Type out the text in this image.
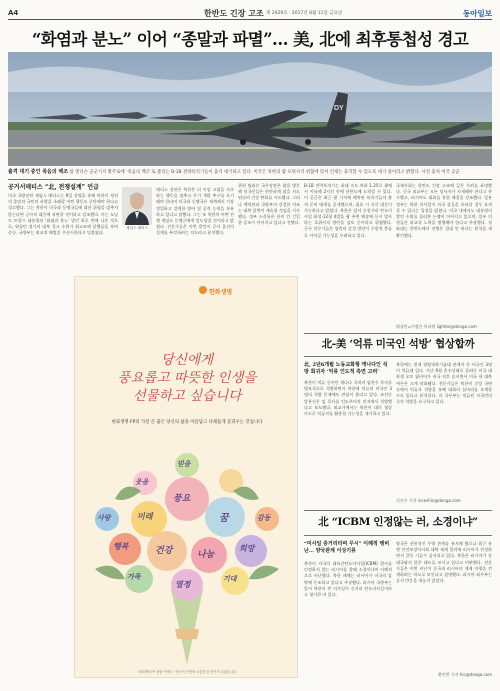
A4	한반도 긴장 고조 제 2929호 · 2017년 8월 11일 금요일	동아일보
“화염과 분노” 이어 “종말과 파멸”… 美, 北에 최후통첩성 경고
DY
출격 대기 중인 죽음의 백조 괌 앤더슨 공군기지 활주로에 ‘죽음의 백조’로 불리는 B-1B 전략폭격기들이 출격 대기하고 있다. 미국은 북한의 괌 포위사격 위협에 맞서 언제든 출격할 수 있도록 대기 중이라고 밝혔다. 사진 출처 미국 공군
공거서매티스 “北, 전쟁설계” 언급
미국 국방장관 제임스 매티스는 9일 성명을 통해 북한이 정권의 종말과 국민의 파멸을 초래할 어떤 행동도 중단해야 한다고 경고했다. 그는 북한이 미국과 동맹국들에 대한 위협을 멈추지 않는다면 군사적 대응에 직면할 것이라고 강조했다. 이는 도널드 트럼프 대통령의 ‘화염과 분노’ 발언 하루 만에 나온 것으로, 워싱턴 정가의 대북 경고 수위가 최고조에 달했음을 보여준다. 국방부는 외교적 해법을 우선시한다고 덧붙였다.
제임스 매티스
매티스 장관은 북한은 더 이상 고립을 자초하는 행동을 멈추고 무기 개발 추구를 포기해야 한다며 미국과 동맹국은 세계에서 가장 정밀하고 강력한 방어 및 공격 능력을 보유하고 있다고 말했다. 그는 또 북한의 어떤 전쟁 게임도 동맹군에게 압도당할 것이라고 밝혔다. 전문가들은 이번 발언이 군사 옵션의 실재를 부각하려는 의도라고 분석했다.
한편 틸러슨 국무장관은 괌을 방문해 미국인들은 편안하게 잠을 자도 된다며 긴장 완화를 시도했다. 그러나 백악관과 국방부의 강경한 어조는 대북 압박이 계속될 것임을 시사했다. 정부 소식통은 한미 간 긴밀한 공조가 이어지고 있다고 전했다.
B-1B 전략폭격기는 최대 속도 마하 1.25로 괌에서 이륙해 2시간 안에 한반도에 도착할 수 있다. 미 공군은 최근 괌 기지에 배치된 폭격기들의 출격 준비 태세를 공개했으며, 필요 시 즉각 대응이 가능하다고 밝혔다. 북한은 앞서 중장거리 탄도미사일 화성-12형 4발을 괌 주변 해상에 동시 발사하는 포위사격 방안을 검토 중이라고 위협했다. 군사 전문가들은 양측의 강경 발언이 우발적 충돌로 이어질 가능성을 우려하고 있다.
국제사회는 한반도 긴장 고조에 깊은 우려를 표명했다. 중국 외교부는 모든 당사자가 자제해야 한다고 촉구했고, 러시아도 대화를 통한 해결을 강조했다. 일본 정부는 북한 미사일이 자국 상공을 통과할 경우 요격할 수 있다는 입장을 밝혔다. 미국 내에서도 대통령의 발언 수위를 둘러싼 논쟁이 이어지고 있으며, 일부 의원들은 외교적 노력을 병행해야 한다고 주장했다. 청와대는 한반도에서 전쟁은 절대 안 된다는 원칙을 재확인했다.
워싱턴=이정은 특파원 lightee@donga.com
한화생명
당신에게
풍요롭고 따뜻한 인생을
선물하고 싶습니다
한화생명 FP의 가장 큰 꿈은 당신의 삶을 아름답고 다채롭게 꽃피우는 것입니다
풍요
미래	꿈
행복	희망
건강	나눔
가족	기대
열정
사랑	감동
믿음
웃음
한화생명 FP 응원 이벤트 · 당신의 인생에 소중한 한 송이가 되겠습니다
北-美 ‘억류 미국인 석방’ 협상합까
北, 2년6개월 노동교화형 캐나다인 석방 회귀자 ‘억류 인도적 측면 고려’
북한이 억류 중이던 캐나다 국적의 임현수 목사를 병보석으로 석방하면서 북한에 억류된 미국인 3명의 석방 문제에도 관심이 쏠리고 있다. 조선중앙통신은 임 목사를 인도주의적 견지에서 석방했다고 보도했다. 외교가에서는 북한이 대미 협상 카드로 억류자를 활용할 가능성을 제기하고 있다.
북한에는 현재 평양과학기술대 관계자 등 미국인 3명이 억류돼 있다. 지난 6월 혼수상태로 풀려난 미국 대학생 오토 웜비어가 귀국 직후 숨지면서 미국 내 대북 여론은 크게 악화됐다. 전문가들은 북한이 긴장 국면 속에서 억류자 석방을 통해 대화의 실마리를 모색할 수도 있다고 분석한다. 미 국무부는 억류된 자국민의 즉각 석방을 요구하고 있다.
신진우 기자 niceshin@donga.com
北 “ICBM 인정않는 러, 소경이냐”
“미사일 중거리라며 무시” 이례적 맹비난… 양국관계 이상기류
북한이 자국의 대륙간탄도미사일(ICBM) 발사를 인정하지 않는 러시아를 향해 소경이냐며 이례적으로 비난했다. 북한 매체는 러시아가 미국의 압박에 동조하고 있다고 주장했다. 러시아 국방부는 앞서 북한이 쏜 미사일이 중거리 탄도미사일이라고 평가한 바 있다.
양국은 전통적인 우방 관계를 유지해 왔으나 최근 유엔 안전보장이사회 대북 제재 결의에 러시아가 찬성하면서 갈등 기류가 감지되고 있다. 북한은 러시아가 강대국답지 않은 태도를 보이고 있다고 비판했다. 전문가들은 이번 비난이 중국과 러시아의 제재 이행을 견제하려는 의도로 보인다고 설명했다. 러시아 외무부는 공식 반응을 내놓지 않았다.
황인찬 기자 hic@donga.com
